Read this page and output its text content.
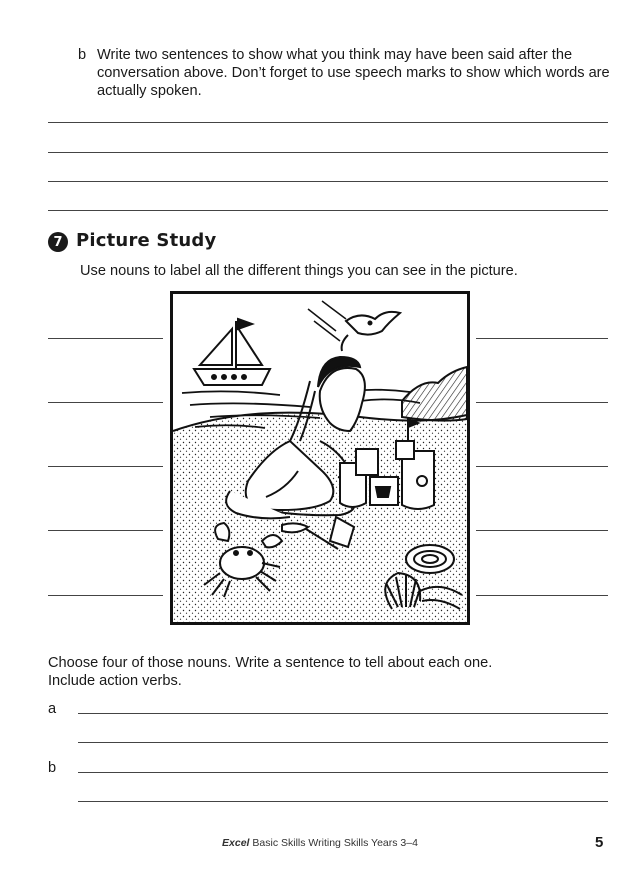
b Write two sentences to show what you think may have been said after the conversation above. Don’t forget to use speech marks to show which words are actually spoken.
7 Picture Study
Use nouns to label all the different things you can see in the picture.
Choose four of those nouns. Write a sentence to tell about each one.
Include action verbs.
a
b
Excel Basic Skills Writing Skills Years 3–4	5
